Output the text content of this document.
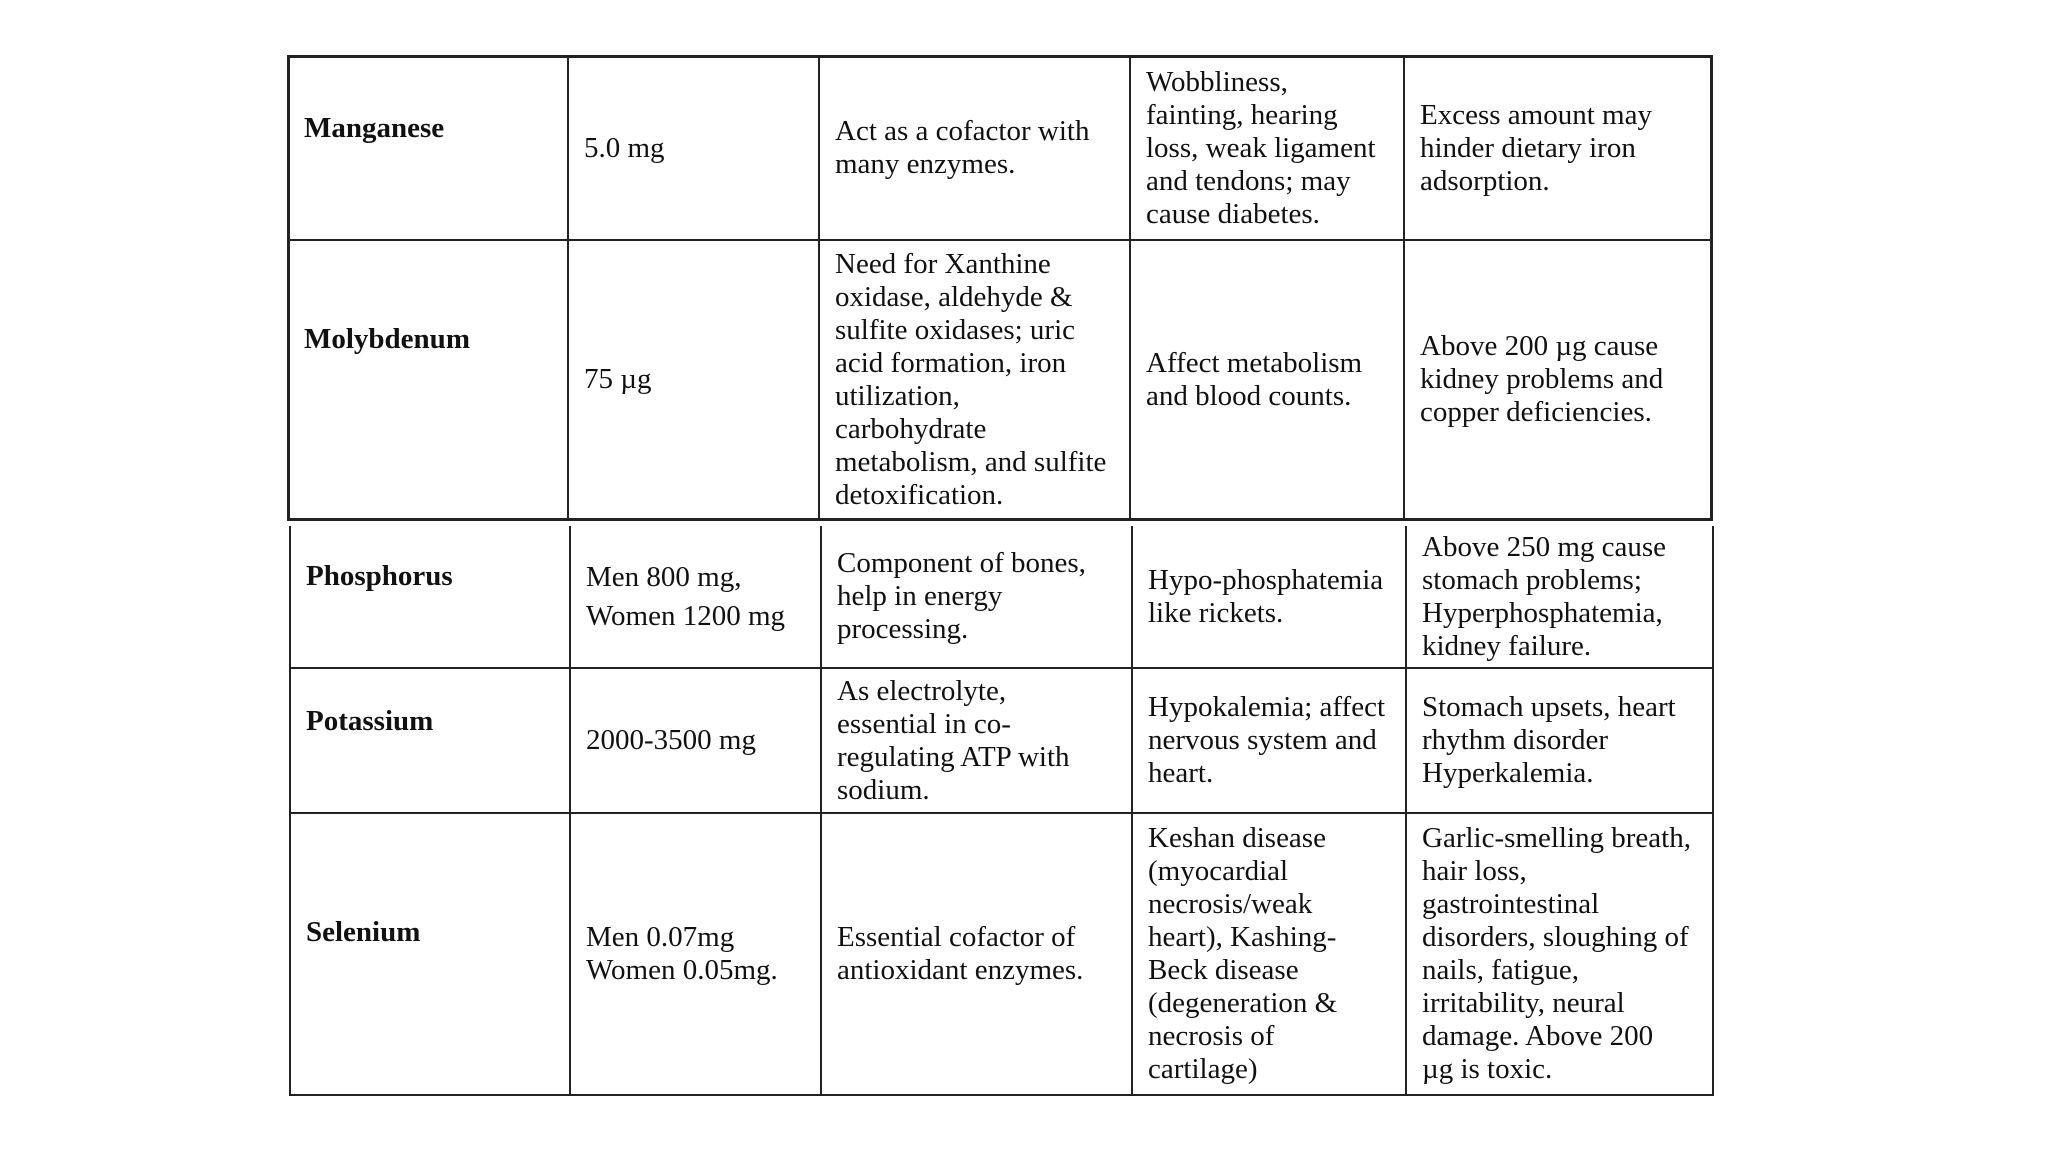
Manganese
5.0 mg
Act as a cofactor with
many enzymes.
Wobbliness,
fainting, hearing
loss, weak ligament
and tendons; may
cause diabetes.
Excess amount may
hinder dietary iron
adsorption.
Molybdenum
75 µg
Need for Xanthine
oxidase, aldehyde &
sulfite oxidases; uric
acid formation, iron
utilization,
carbohydrate
metabolism, and sulfite
detoxification.
Affect metabolism
and blood counts.
Above 200 µg cause
kidney problems and
copper deficiencies.
Phosphorus	Men 800 mg,
Women 1200 mg
Component of bones,
help in energy
processing.
Hypo-phosphatemia
like rickets.
Above 250 mg cause
stomach problems;
Hyperphosphatemia,
kidney failure.
Potassium
2000-3500 mg
As electrolyte,
essential in co-
regulating ATP with
sodium.
Hypokalemia; affect
nervous system and
heart.
Stomach upsets, heart
rhythm disorder
Hyperkalemia.
Selenium	Men 0.07mg
Women 0.05mg.
Essential cofactor of
antioxidant enzymes.
Keshan disease
(myocardial
necrosis/weak
heart), Kashing-
Beck disease
(degeneration &
necrosis of
cartilage)
Garlic-smelling breath,
hair loss,
gastrointestinal
disorders, sloughing of
nails, fatigue,
irritability, neural
damage. Above 200
µg is toxic.
